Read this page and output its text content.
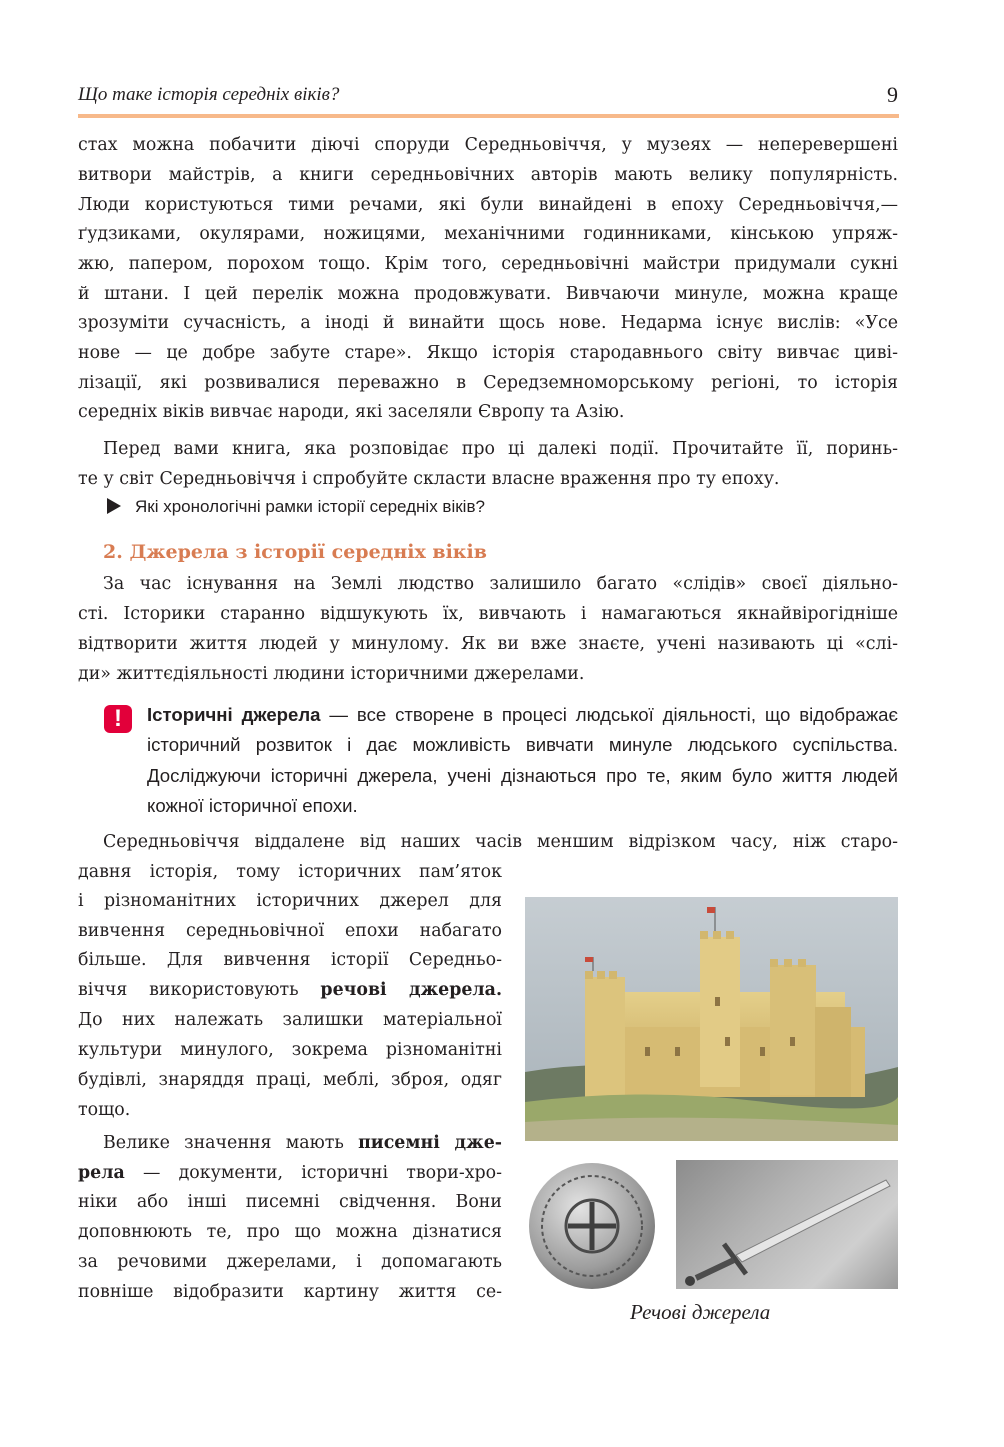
Що таке історія середніх віків?	9

стах можна побачити діючі споруди Середньовіччя, у музеях — неперевершені

витвори майстрів, а книги середньовічних авторів мають велику популярність.

Люди користуються тими речами, які були винайдені в епоху Середньовіччя,—

ґудзиками, окулярами, ножицями, механічними годинниками, кінською упряж-

жю, папером, порохом тощо. Крім того, середньовічні майстри придумали сукні

й штани. І цей перелік можна продовжувати. Вивчаючи минуле, можна краще

зрозуміти сучасність, а іноді й винайти щось нове. Недарма існує вислів: «Усе

нове — це добре забуте старе». Якщо історія стародавнього світу вивчає циві-

лізації, які розвивалися переважно в Середземноморському регіоні, то історія

середніх віків вивчає народи, які заселяли Європу та Азію.

Перед вами книга, яка розповідає про ці далекі події. Прочитайте її, поринь-

те у світ Середньовіччя і спробуйте скласти власне враження про ту епоху.

Які хронологічні рамки історії середніх віків?
2. Джерела з історії середніх віків

За час існування на Землі людство залишило багато «слідів» своєї діяльно-

сті. Історики старанно відшукують їх, вивчають і намагаються якнайвірогідніше

відтворити життя людей у минулому. Як ви вже знаєте, учені називають ці «слі-

ди» життєдіяльності людини історичними джерелами.

!	Історичні джерела — все створене в процесі людської діяльності, що відображає історичний розвиток і дає можливість вивчати минуле людського суспільства. Досліджуючи історичні джерела, учені дізнаються про те, яким було життя людей кожної історичної епохи.

Середньовіччя віддалене від наших часів меншим відрізком часу, ніж старо-

давня історія, тому історичних пам’яток

і різноманітних історичних джерел для

вивчення середньовічної епохи набагато

більше. Для вивчення історії Середньо-

віччя використовують речові джерела.

До них належать залишки матеріальної

культури минулого, зокрема різноманітні

будівлі, знаряддя праці, меблі, зброя, одяг

тощо.

Велике значення мають писемні дже-

рела — документи, історичні твори-хро-

ніки або інші писемні свідчення. Вони

доповнюють те, про що можна дізнатися

за речовими джерелами, і допомагають

повніше відобразити картину життя се-

Речові джерела
